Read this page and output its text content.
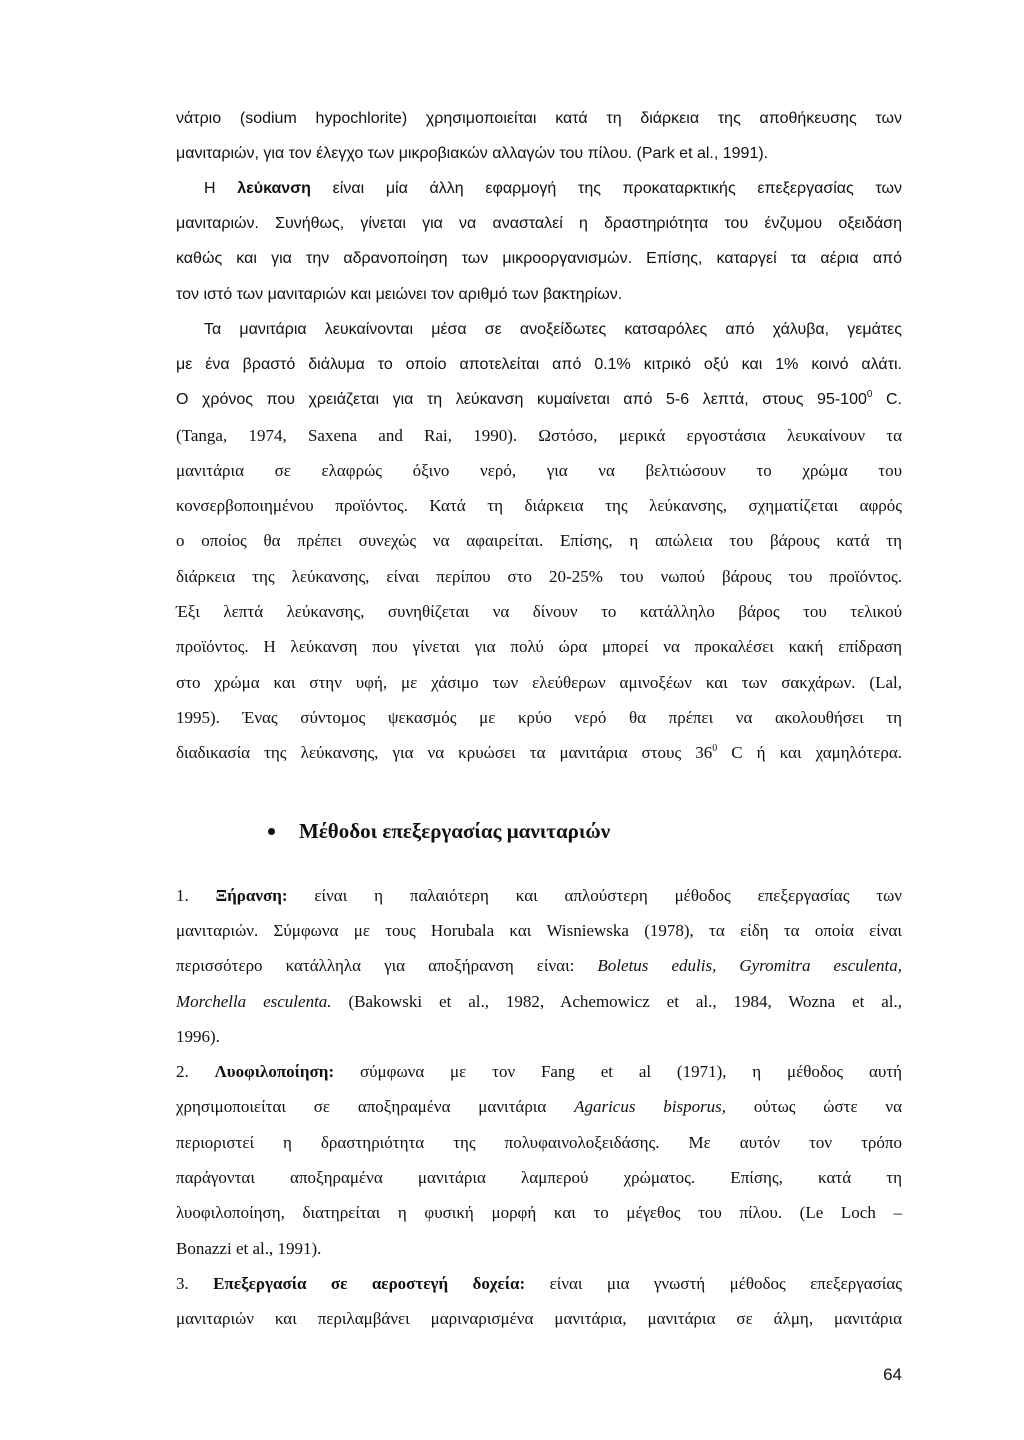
νάτριο (sodium hypochlorite) χρησιμοποιείται κατά τη διάρκεια της αποθήκευσης των
μανιταριών, για τον έλεγχο των μικροβιακών αλλαγών του πίλου. (Park et al., 1991).
Η λεύκανση είναι μία άλλη εφαρμογή της προκαταρκτικής επεξεργασίας των
μανιταριών. Συνήθως, γίνεται για να ανασταλεί η δραστηριότητα του ένζυμου οξειδάση
καθώς και για την αδρανοποίηση των μικροοργανισμών. Επίσης, καταργεί τα αέρια από
τον ιστό των μανιταριών και μειώνει τον αριθμό των βακτηρίων.
Τα μανιτάρια λευκαίνονται μέσα σε ανοξείδωτες κατσαρόλες από χάλυβα, γεμάτες
με ένα βραστό διάλυμα το οποίο αποτελείται από 0.1% κιτρικό οξύ και 1% κοινό αλάτι.
Ο χρόνος που χρειάζεται για τη λεύκανση κυμαίνεται από 5-6 λεπτά, στους $95-100^0$ C.
(Tanga, 1974, Saxena and Rai, 1990). Ωστόσο, μερικά εργοστάσια λευκαίνουν τα
μανιτάρια σε ελαφρώς όξινο νερό, για να βελτιώσουν το χρώμα του
κονσερβοποιημένου προϊόντος. Κατά τη διάρκεια της λεύκανσης, σχηματίζεται αφρός
ο οποίος θα πρέπει συνεχώς να αφαιρείται. Επίσης, η απώλεια του βάρους κατά τη
διάρκεια της λεύκανσης, είναι περίπου στο 20-25% του νωπού βάρους του προϊόντος.
Έξι λεπτά λεύκανσης, συνηθίζεται να δίνουν το κατάλληλο βάρος του τελικού
προϊόντος. Η λεύκανση που γίνεται για πολύ ώρα μπορεί να προκαλέσει κακή επίδραση
στο χρώμα και στην υφή, με χάσιμο των ελεύθερων αμινοξέων και των σακχάρων. (Lal,
1995). Ένας σύντομος ψεκασμός με κρύο νερό θα πρέπει να ακολουθήσει τη
διαδικασία της λεύκανσης, για να κρυώσει τα μανιτάρια στους $36^0$ C ή και χαμηλότερα.
Μέθοδοι επεξεργασίας μανιταριών
1. Ξήρανση: είναι η παλαιότερη και απλούστερη μέθοδος επεξεργασίας των
μανιταριών. Σύμφωνα με τους Horubala και Wisniewska (1978), τα είδη τα οποία είναι
περισσότερο κατάλληλα για αποξήρανση είναι: Boletus edulis, Gyromitra esculenta,
Morchella esculenta. (Bakowski et al., 1982, Achemowicz et al., 1984, Wozna et al.,
1996).
2. Λυοφιλοποίηση: σύμφωνα με τον Fang et al (1971), η μέθοδος αυτή
χρησιμοποιείται σε αποξηραμένα μανιτάρια Agaricus bisporus, ούτως ώστε να
περιοριστεί η δραστηριότητα της πολυφαινολοξειδάσης. Με αυτόν τον τρόπο
παράγονται αποξηραμένα μανιτάρια λαμπερού χρώματος. Επίσης, κατά τη
λυοφιλοποίηση, διατηρείται η φυσική μορφή και το μέγεθος του πίλου. (Le Loch –
Bonazzi et al., 1991).
3. Επεξεργασία σε αεροστεγή δοχεία: είναι μια γνωστή μέθοδος επεξεργασίας
μανιταριών και περιλαμβάνει μαριναρισμένα μανιτάρια, μανιτάρια σε άλμη, μανιτάρια
64
